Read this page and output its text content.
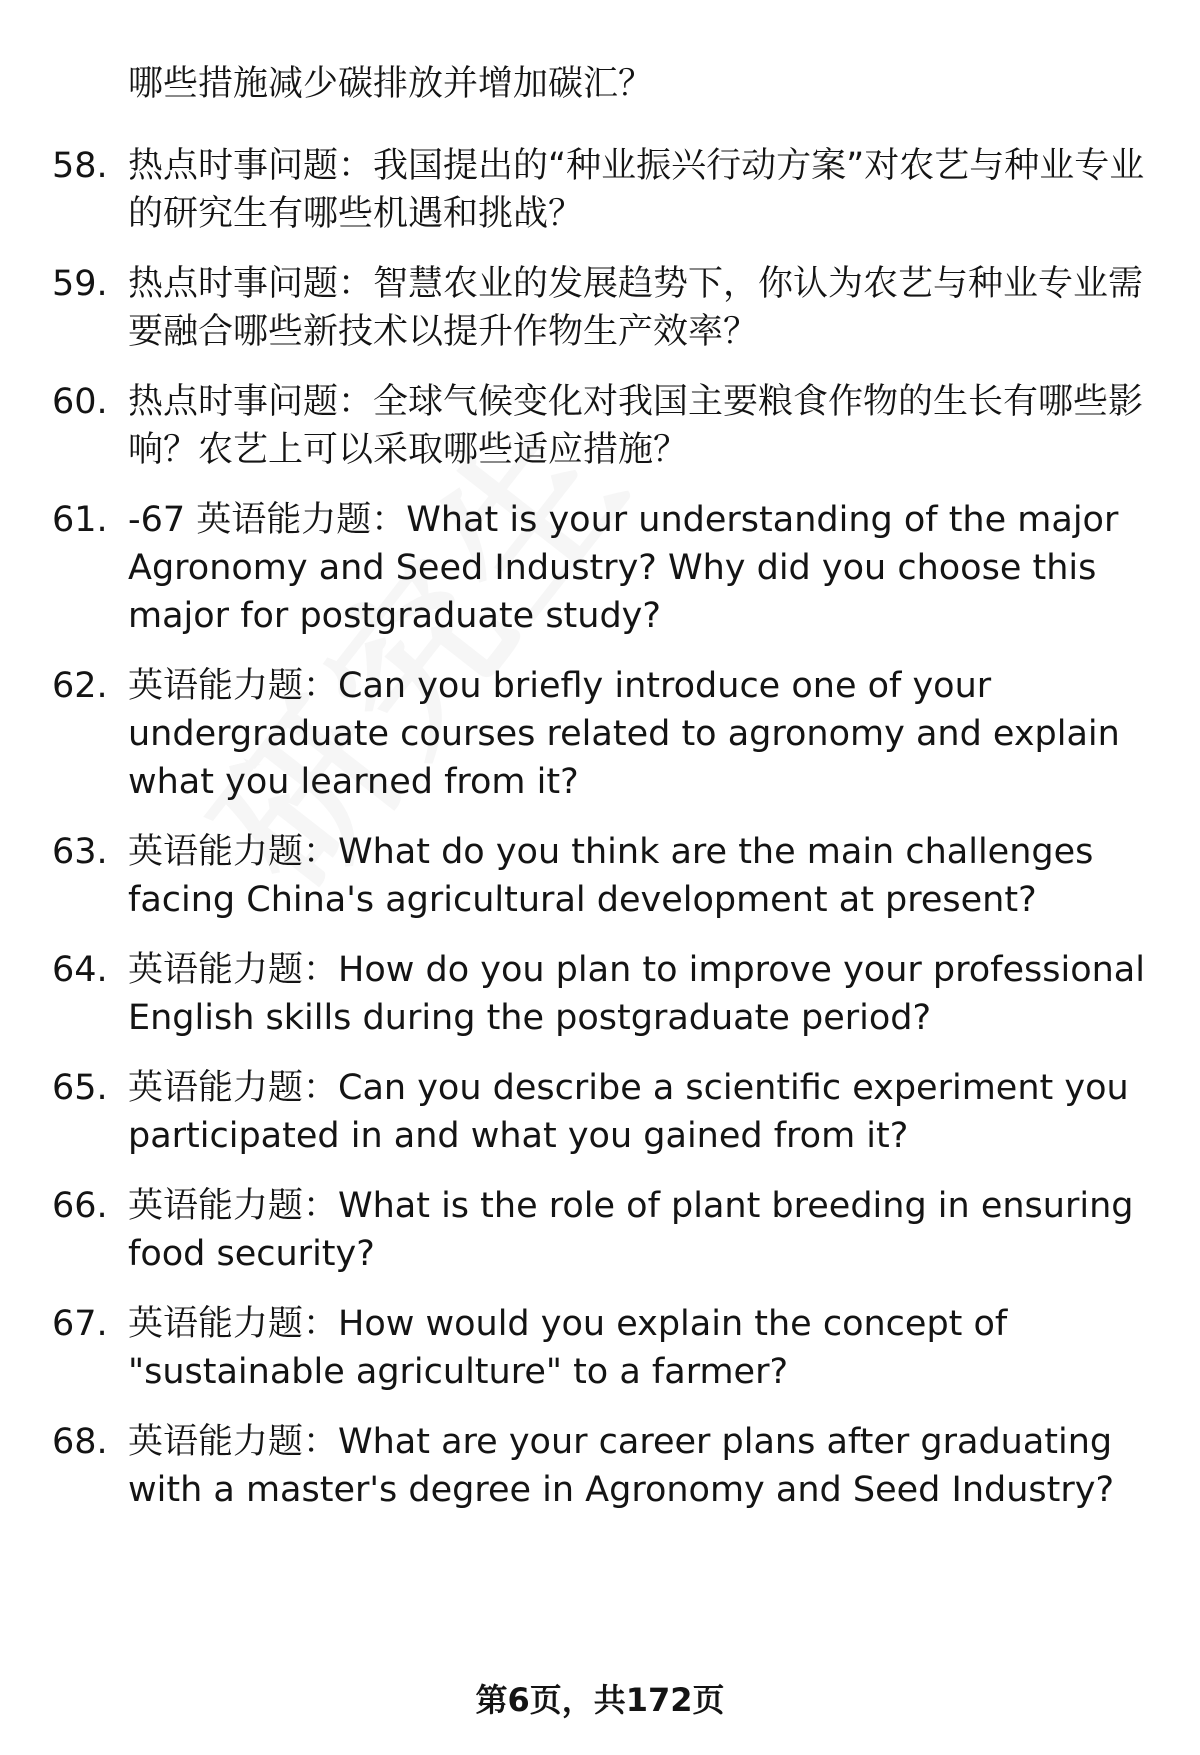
哪些措施减少碳排放并增加碳汇？

58. 热点时事问题：我国提出的“种业振兴行动方案”对农艺与种业专业的研究生有哪些机遇和挑战？
59. 热点时事问题：智慧农业的发展趋势下，你认为农艺与种业专业需要融合哪些新技术以提升作物生产效率？
60. 热点时事问题：全球气候变化对我国主要粮食作物的生长有哪些影响？农艺上可以采取哪些适应措施？
61. -67 英语能力题：What is your understanding of the major Agronomy and Seed Industry? Why did you choose this major for postgraduate study?
62. 英语能力题：Can you briefly introduce one of your undergraduate courses related to agronomy and explain what you learned from it?
63. 英语能力题：What do you think are the main challenges facing China's agricultural development at present?
64. 英语能力题：How do you plan to improve your professional English skills during the postgraduate period?
65. 英语能力题：Can you describe a scientific experiment you participated in and what you gained from it?
66. 英语能力题：What is the role of plant breeding in ensuring food security?
67. 英语能力题：How would you explain the concept of "sustainable agriculture" to a farmer?
68. 英语能力题：What are your career plans after graduating with a master's degree in Agronomy and Seed Industry?
第6页，共172页
